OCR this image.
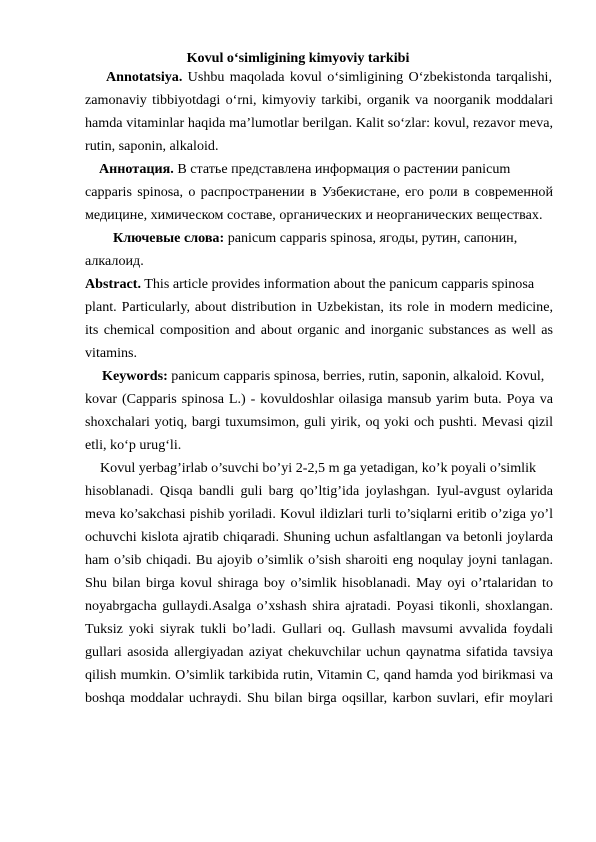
Kovul o‘simligining kimyoviy tarkibi
Annotatsiya. Ushbu maqolada kovul o‘simligining O‘zbekistonda tarqalishi,
zamonaviy tibbiyotdagi o‘rni, kimyoviy tarkibi, organik va noorganik moddalari
hamda vitaminlar haqida ma’lumotlar berilgan. Kalit so‘zlar: kovul, rezavor meva,
rutin, saponin, alkaloid.
Аннотация. В статье представлена информация о растении panicum
capparis spinosa, о распространении в Узбекистане, его роли в современной
медицине, химическом составе, органических и неорганических веществах.
Ключевые слова: panicum capparis spinosa, ягоды, рутин, сапонин,
алкалоид.
Abstract. This article provides information about the panicum capparis spinosa
plant. Particularly, about distribution in Uzbekistan, its role in modern medicine,
its chemical composition and about organic and inorganic substances as well as
vitamins.
Keywords: panicum capparis spinosa, berries, rutin, saponin, alkaloid. Kovul,
kovar (Capparis spinosa L.) - kovuldoshlar oilasiga mansub yarim buta. Poya va
shoxchalari yotiq, bargi tuxumsimon, guli yirik, oq yoki och pushti. Mevasi qizil
etli, ko‘p urug‘li.
Kovul yerbag’irlab o’suvchi bo’yi 2-2,5 m ga yetadigan, ko’k poyali o’simlik
hisoblanadi. Qisqa bandli guli barg qo’ltig’ida joylashgan. Iyul-avgust oylarida
meva ko’sakchasi pishib yoriladi. Kovul ildizlari turli to’siqlarni eritib o’ziga yo’l
ochuvchi kislota ajratib chiqaradi. Shuning uchun asfaltlangan va betonli joylarda
ham o’sib chiqadi. Bu ajoyib o’simlik o’sish sharoiti eng noqulay joyni tanlagan.
Shu bilan birga kovul shiraga boy o’simlik hisoblanadi. May oyi o’rtalaridan to
noyabrgacha gullaydi.Asalga o’xshash shira ajratadi. Poyasi tikonli, shoxlangan.
Tuksiz yoki siyrak tukli bo’ladi. Gullari oq. Gullash mavsumi avvalida foydali
gullari asosida allergiyadan aziyat chekuvchilar uchun qaynatma sifatida tavsiya
qilish mumkin. O’simlik tarkibida rutin, Vitamin C, qand hamda yod birikmasi va
boshqa moddalar uchraydi. Shu bilan birga oqsillar, karbon suvlari, efir moylari
